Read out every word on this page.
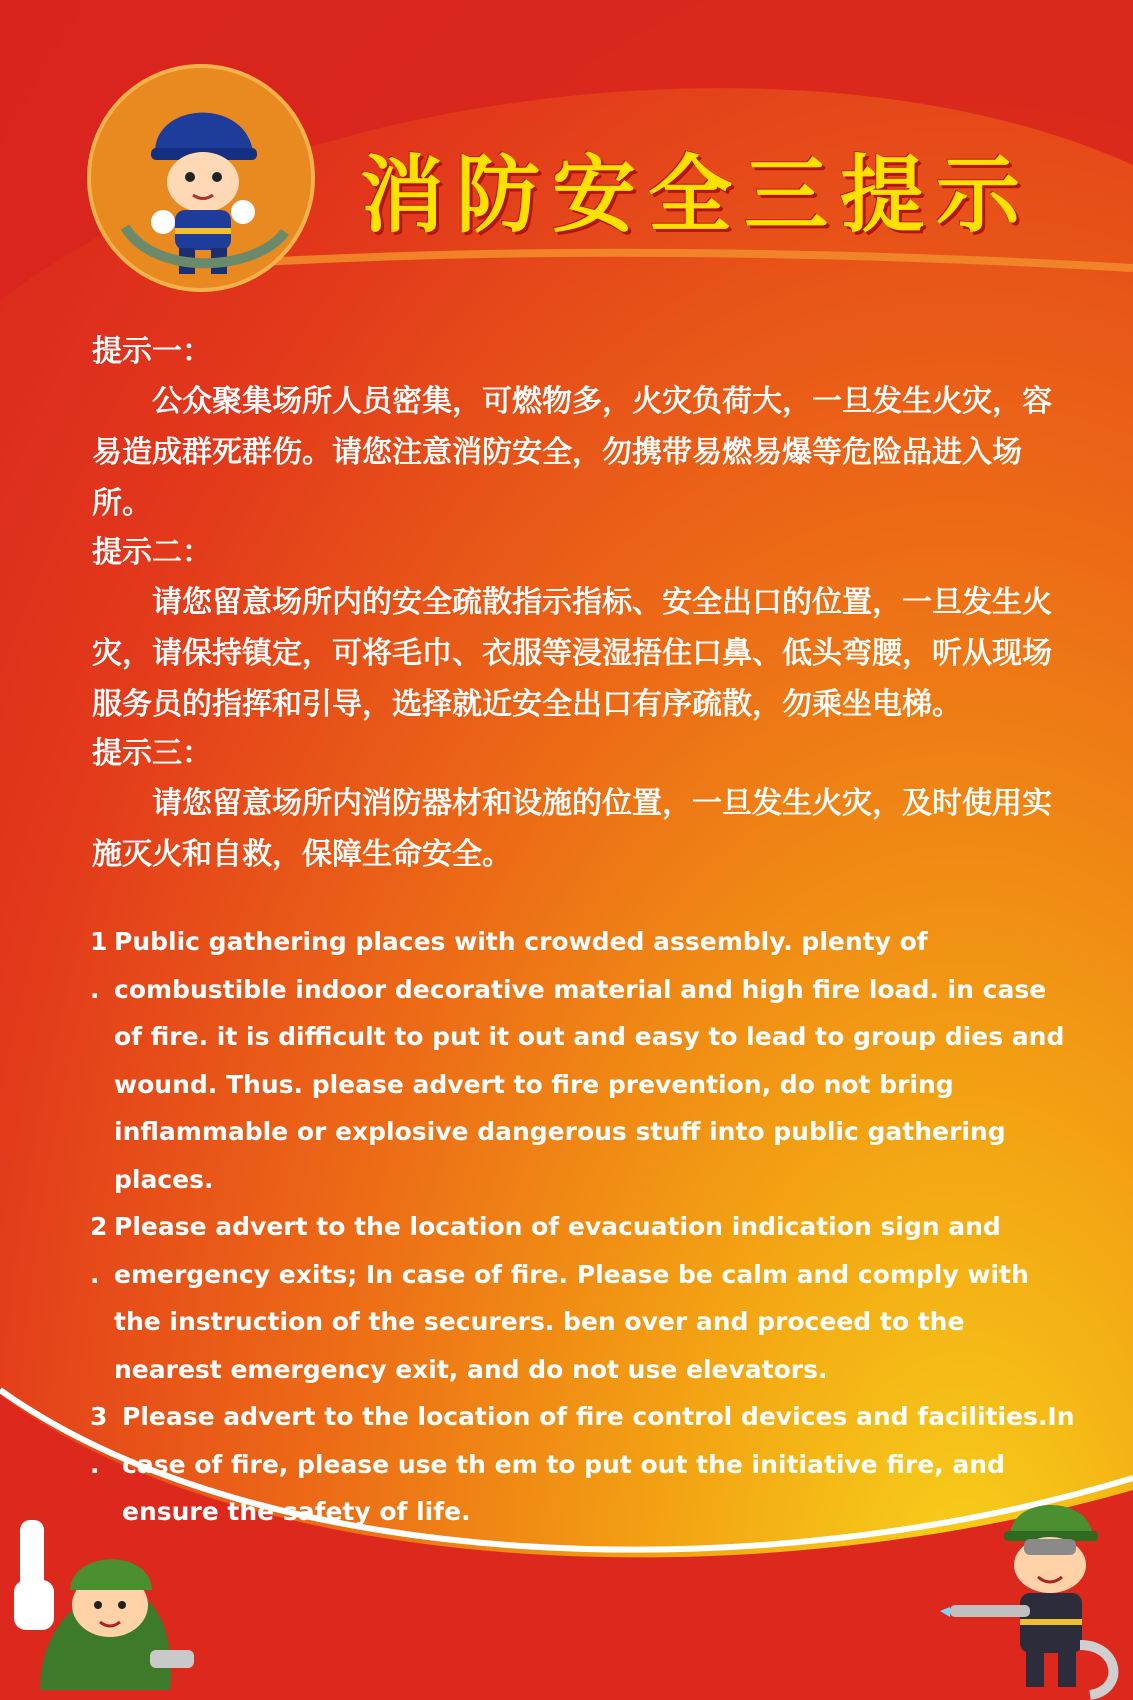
消防安全三提示

提示一：

公众聚集场所人员密集，可燃物多，火灾负荷大，一旦发生火灾，容易造成群死群伤。请您注意消防安全，勿携带易燃易爆等危险品进入场所。

提示二：

请您留意场所内的安全疏散指示指标、安全出口的位置，一旦发生火灾，请保持镇定，可将毛巾、衣服等浸湿捂住口鼻、低头弯腰，听从现场服务员的指挥和引导，选择就近安全出口有序疏散，勿乘坐电梯。

提示三：

请您留意场所内消防器材和设施的位置，一旦发生火灾，及时使用实施灭火和自救，保障生命安全。

1 .
Public gathering places with crowded assembly. plenty of combustible indoor decorative material and high fire load. in case of fire. it is difficult to put it out and easy to lead to group dies and wound. Thus. please advert to fire prevention, do not bring inflammable or explosive dangerous stuff into public gathering places.
2 .
Please advert to the location of evacuation indication sign and emergency exits; In case of fire. Please be calm and comply with the instruction of the securers. ben over and proceed to the nearest emergency exit, and do not use elevators.
3 .
Please advert to the location of fire control devices and facilities.In case of fire, please use th em to put out the initiative fire, and ensure the safety of life.
